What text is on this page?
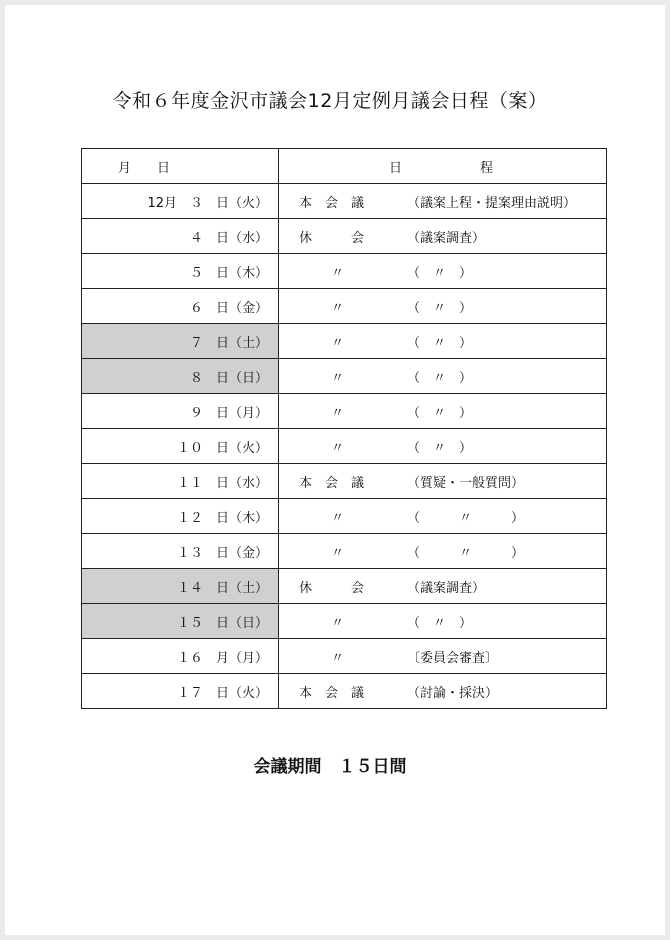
令和６年度金沢市議会12月定例月議会日程（案）
月　　日	日　　　　　　程
12月　３　日（火）	本　会　議 （議案上程・提案理由説明）
４　日（水）	休　　　会 （議案調査）
５　日（木）	〃 （　〃　）
６　日（金）	〃 （　〃　）
７　日（土）	〃 （　〃　）
８　日（日）	〃 （　〃　）
９　日（月）	〃 （　〃　）
１０　日（火）	〃 （　〃　）
１１　日（水）	本　会　議 （質疑・一般質問）
１２　日（木）	〃 （　　　〃　　　）
１３　日（金）	〃 （　　　〃　　　）
１４　日（土）	休　　　会 （議案調査）
１５　日（日）	〃 （　〃　）
１６　月（月）	〃 〔委員会審査〕
１７　日（火）	本　会　議 （討論・採決）
会議期間　１５日間
